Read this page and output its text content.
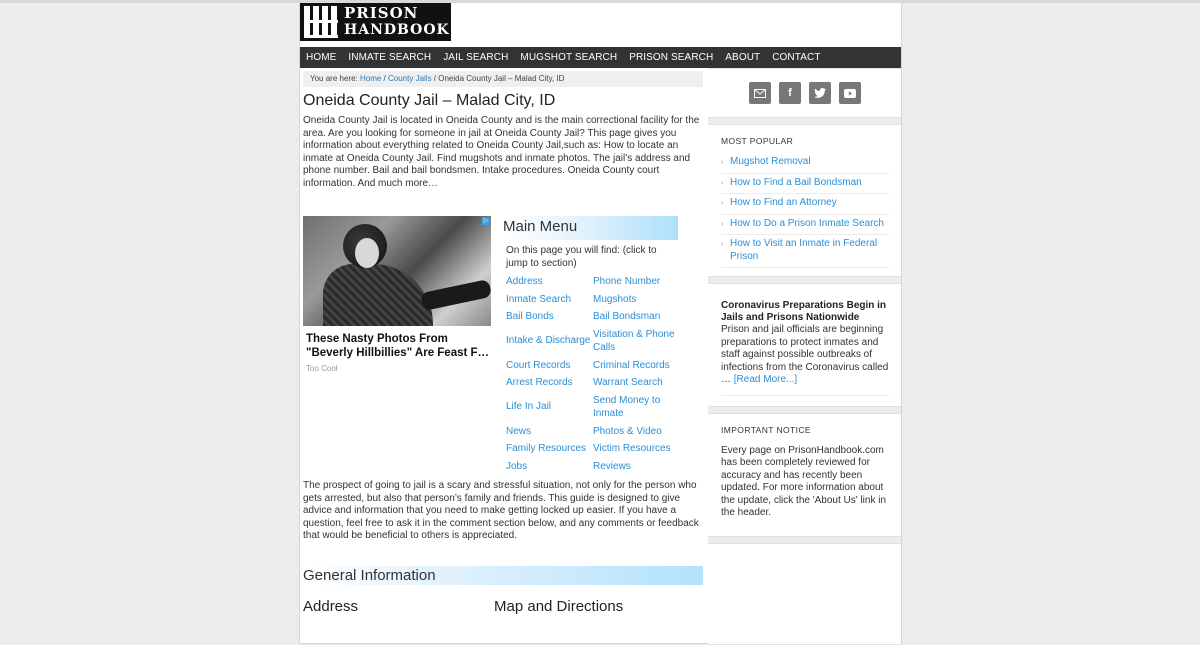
PRISON
HANDBOOK
HOME	INMATE SEARCH	JAIL SEARCH	MUGSHOT SEARCH	PRISON SEARCH	ABOUT	CONTACT
You are here: Home / County Jails / Oneida County Jail – Malad City, ID
Oneida County Jail – Malad City, ID
Oneida County Jail is located in Oneida County and is the main correctional facility for the area. Are you looking for someone in jail at Oneida County Jail? This page gives you information about everything related to Oneida County Jail,such as: How to locate an inmate at Oneida County Jail. Find mugshots and inmate photos. The jail’s address and phone number. Bail and bail bondsmen. Intake procedures. Oneida County court information. And much more…
▷
These Nasty Photos From "Beverly Hillbillies" Are Feast F…
Too Cool
Main Menu
On this page you will find: (click to jump to section)
Address	Phone Number
Inmate Search	Mugshots
Bail Bonds	Bail Bondsman
Intake & Discharge	Visitation & Phone Calls
Court Records	Criminal Records
Arrest Records	Warrant Search
Life In Jail	Send Money to Inmate
News	Photos & Video
Family Resources	Victim Resources
Jobs	Reviews
The prospect of going to jail is a scary and stressful situation, not only for the person who gets arrested, but also that person’s family and friends. This guide is designed to give advice and information that you need to make getting locked up easier. If you have a question, feel free to ask it in the comment section below, and any comments or feedback that would be beneficial to others is appreciated.
General Information
Address	Map and Directions
f
MOST POPULAR
› Mugshot Removal
› How to Find a Bail Bondsman
› How to Find an Attorney
› How to Do a Prison Inmate Search
› How to Visit an Inmate in Federal Prison
Coronavirus Preparations Begin in Jails and Prisons Nationwide
Prison and jail officials are beginning preparations to protect inmates and staff against possible outbreaks of infections from the Coronavirus called … [Read More...]
IMPORTANT NOTICE
Every page on PrisonHandbook.com has been completely reviewed for accuracy and has recently been updated. For more information about the update, click the 'About Us' link in the header.
